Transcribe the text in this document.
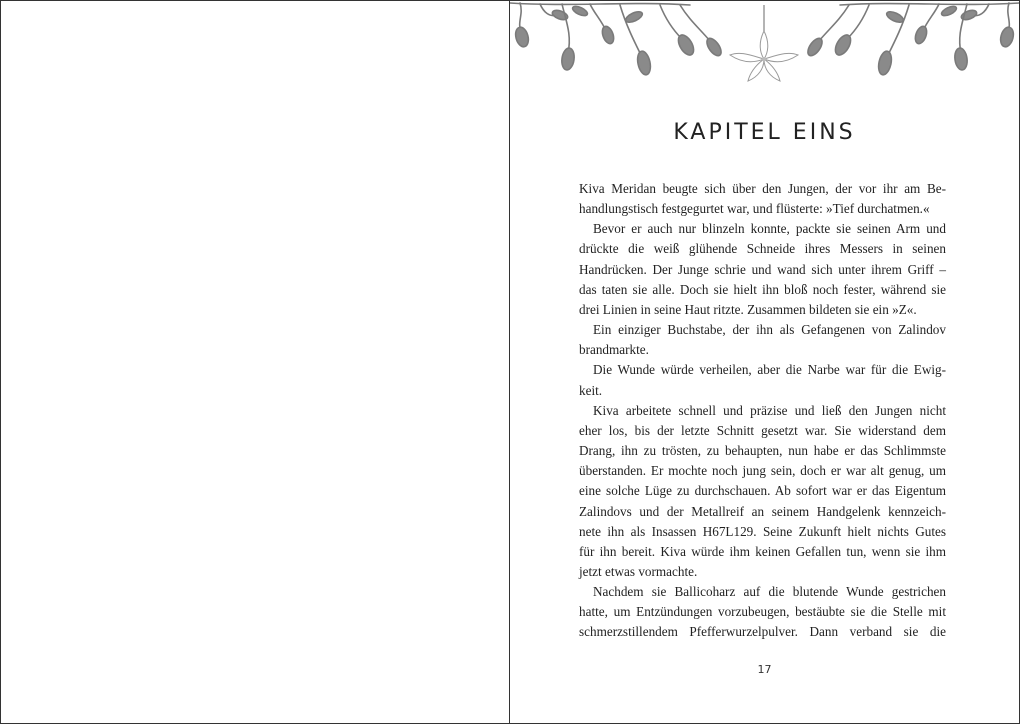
KAPITEL EINS
Kiva Meridan beugte sich über den Jungen, der vor ihr am Be-
handlungstisch festgegurtet war, und flüsterte: »Tief durchatmen.«
Bevor er auch nur blinzeln konnte, packte sie seinen Arm und
drückte die weiß glühende Schneide ihres Messers in seinen
Handrücken. Der Junge schrie und wand sich unter ihrem Griff –
das taten sie alle. Doch sie hielt ihn bloß noch fester, während sie
drei Linien in seine Haut ritzte. Zusammen bildeten sie ein »Z«.
Ein einziger Buchstabe, der ihn als Gefangenen von Zalindov
brandmarkte.
Die Wunde würde verheilen, aber die Narbe war für die Ewig-
keit.
Kiva arbeitete schnell und präzise und ließ den Jungen nicht
eher los, bis der letzte Schnitt gesetzt war. Sie widerstand dem
Drang, ihn zu trösten, zu behaupten, nun habe er das Schlimmste
überstanden. Er mochte noch jung sein, doch er war alt genug, um
eine solche Lüge zu durchschauen. Ab sofort war er das Eigentum
Zalindovs und der Metallreif an seinem Handgelenk kennzeich-
nete ihn als Insassen H67L129. Seine Zukunft hielt nichts Gutes
für ihn bereit. Kiva würde ihm keinen Gefallen tun, wenn sie ihm
jetzt etwas vormachte.
Nachdem sie Ballicoharz auf die blutende Wunde gestrichen
hatte, um Entzündungen vorzubeugen, bestäubte sie die Stelle mit
schmerzstillendem Pfefferwurzelpulver. Dann verband sie die
17
